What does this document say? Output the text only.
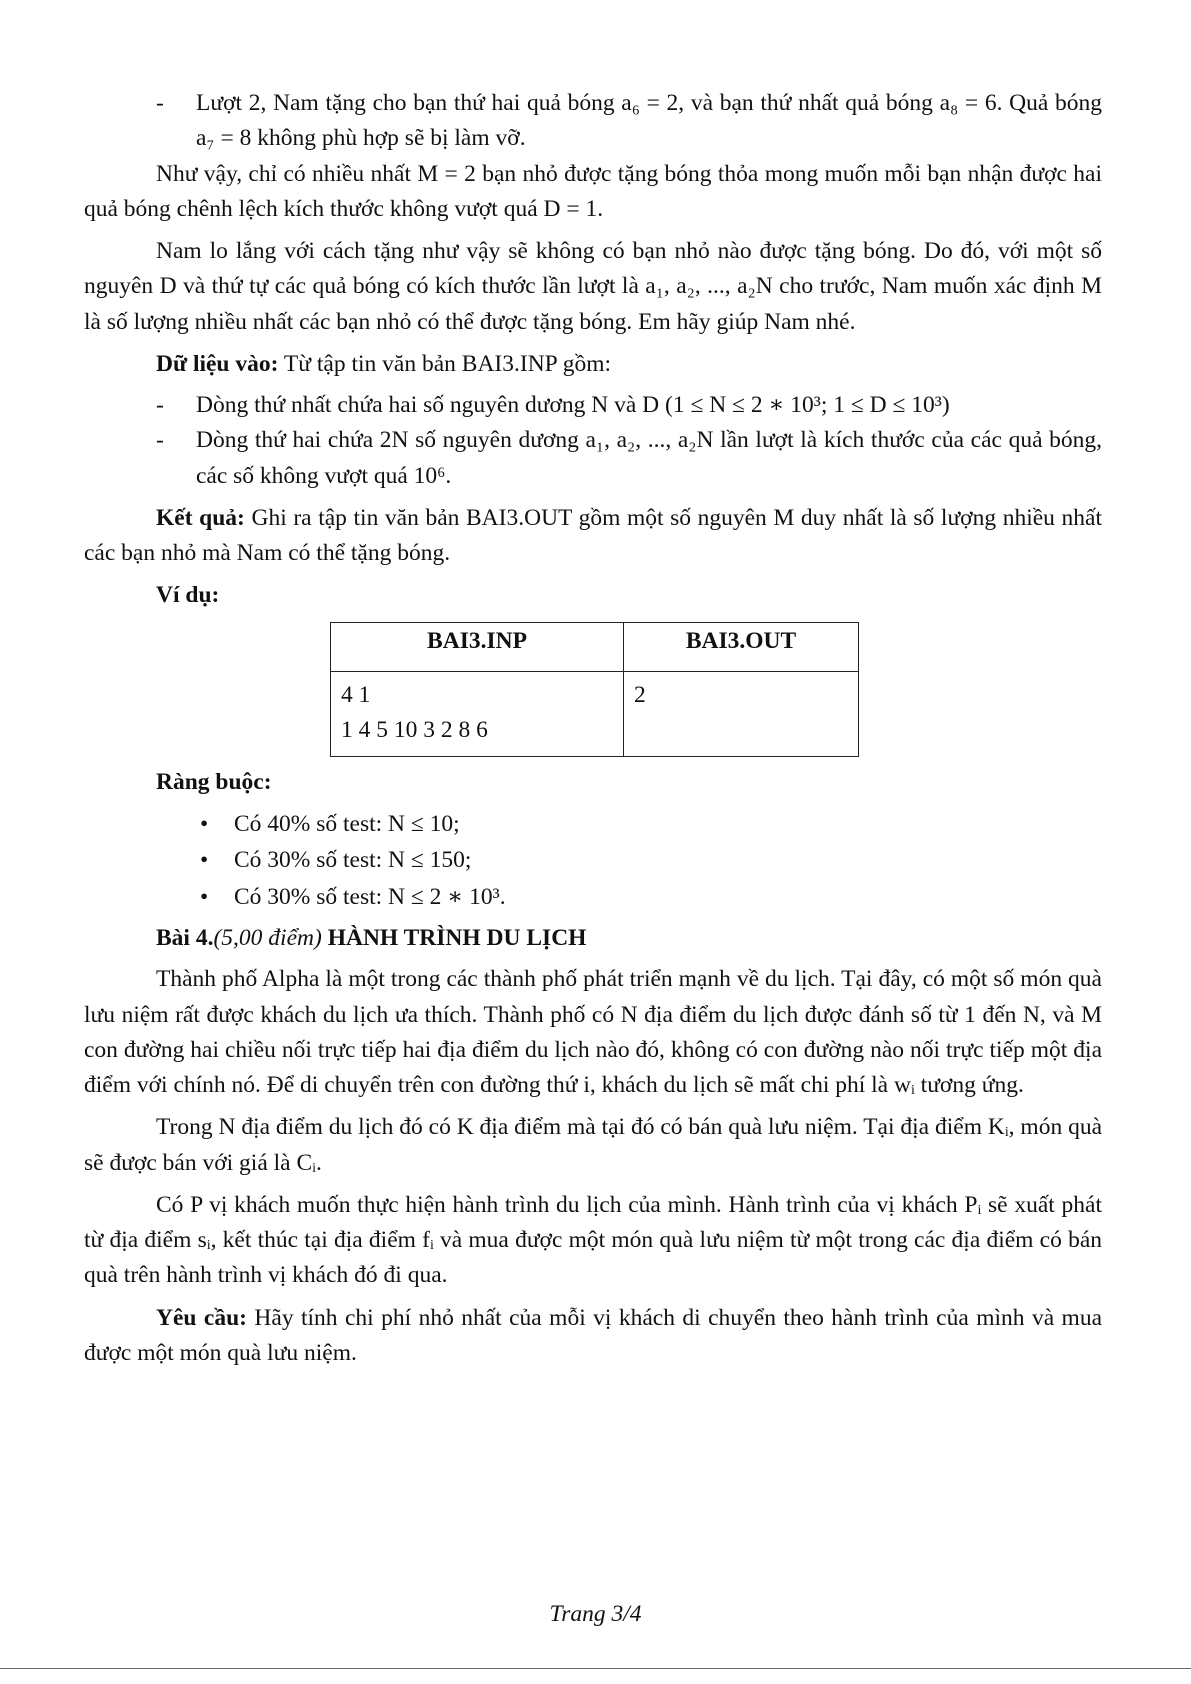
- Lượt 2, Nam tặng cho bạn thứ hai quả bóng a₆ = 2, và bạn thứ nhất quả bóng a₈ = 6. Quả bóng a₇ = 8 không phù hợp sẽ bị làm vỡ.

Như vậy, chỉ có nhiều nhất M = 2 bạn nhỏ được tặng bóng thỏa mong muốn mỗi bạn nhận được hai quả bóng chênh lệch kích thước không vượt quá D = 1.

Nam lo lắng với cách tặng như vậy sẽ không có bạn nhỏ nào được tặng bóng. Do đó, với một số nguyên D và thứ tự các quả bóng có kích thước lần lượt là a₁, a₂, ..., a₂N cho trước, Nam muốn xác định M là số lượng nhiều nhất các bạn nhỏ có thể được tặng bóng. Em hãy giúp Nam nhé.

Dữ liệu vào: Từ tập tin văn bản BAI3.INP gồm:

- Dòng thứ nhất chứa hai số nguyên dương N và D (1 ≤ N ≤ 2 ∗ 10³; 1 ≤ D ≤ 10³)

- Dòng thứ hai chứa 2N số nguyên dương a₁, a₂, ..., a₂N lần lượt là kích thước của các quả bóng, các số không vượt quá 10⁶.

Kết quả: Ghi ra tập tin văn bản BAI3.OUT gồm một số nguyên M duy nhất là số lượng nhiều nhất các bạn nhỏ mà Nam có thể tặng bóng.

Ví dụ:

BAI3.INP	BAI3.OUT

4 1
1 4 5 10 3 2 8 6	2

Ràng buộc:

• Có 40% số test: N ≤ 10;
• Có 30% số test: N ≤ 150;
• Có 30% số test: N ≤ 2 ∗ 10³.

Bài 4.(5,00 điểm) HÀNH TRÌNH DU LỊCH

Thành phố Alpha là một trong các thành phố phát triển mạnh về du lịch. Tại đây, có một số món quà lưu niệm rất được khách du lịch ưa thích. Thành phố có N địa điểm du lịch được đánh số từ 1 đến N, và M con đường hai chiều nối trực tiếp hai địa điểm du lịch nào đó, không có con đường nào nối trực tiếp một địa điểm với chính nó. Để di chuyển trên con đường thứ i, khách du lịch sẽ mất chi phí là wᵢ tương ứng.

Trong N địa điểm du lịch đó có K địa điểm mà tại đó có bán quà lưu niệm. Tại địa điểm Kᵢ, món quà sẽ được bán với giá là Cᵢ.

Có P vị khách muốn thực hiện hành trình du lịch của mình. Hành trình của vị khách Pᵢ sẽ xuất phát từ địa điểm sᵢ, kết thúc tại địa điểm fᵢ và mua được một món quà lưu niệm từ một trong các địa điểm có bán quà trên hành trình vị khách đó đi qua.

Yêu cầu: Hãy tính chi phí nhỏ nhất của mỗi vị khách di chuyển theo hành trình của mình và mua được một món quà lưu niệm.

Trang 3/4
